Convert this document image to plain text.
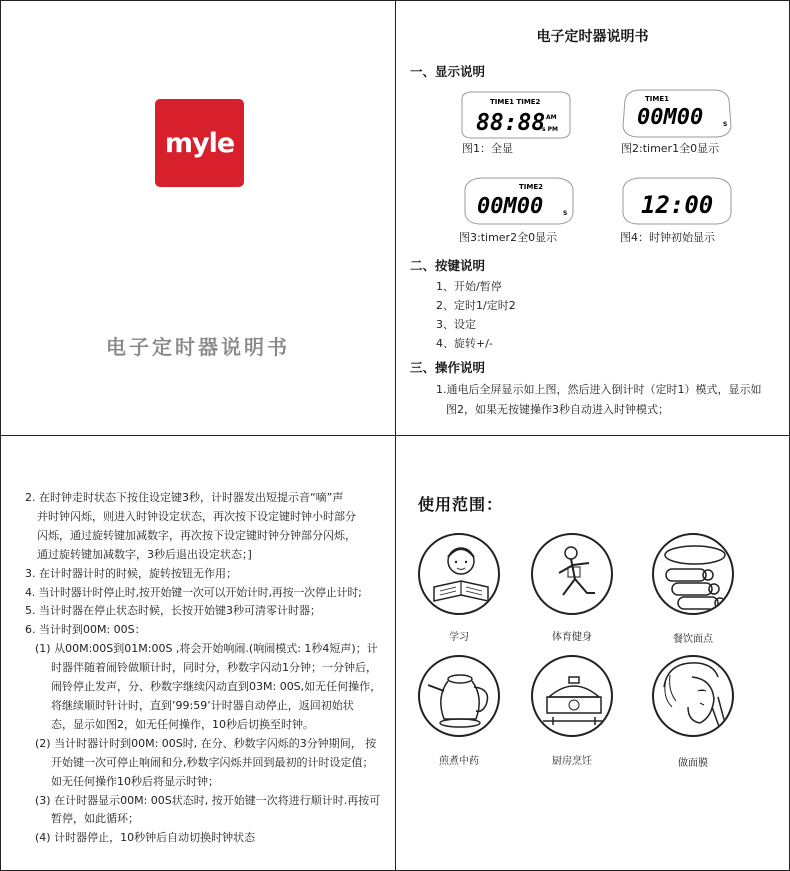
myle
电子定时器说明书
电子定时器说明书
一、显示说明
TIME1 TIME2
88:88 AM
s PM
图1：全显
TIME1
00M00	S
图2:timer1全0显示
TIME2
00M00	S
图3:timer2全0显示
12:00
图4：时钟初始显示
二、按键说明
1、开始/暂停
2、定时1/定时2
3、设定
4、旋转+/-
三、操作说明
1.通电后全屏显示如上图，然后进入倒计时（定时1）模式，显示如
图2，如果无按键操作3秒自动进入时钟模式；
2. 在时钟走时状态下按住设定键3秒，计时器发出短提示音“嘀”声
并时钟闪烁，则进入时钟设定状态，再次按下设定键时钟小时部分
闪烁，通过旋转键加减数字，再次按下设定键时钟分钟部分闪烁，
通过旋转键加减数字，3秒后退出设定状态；]
3. 在计时器计时的时候，旋转按钮无作用；
4. 当计时器计时停止时,按开始键一次可以开始计时,再按一次停止计时;
5. 当计时器在停止状态时候，长按开始键3秒可清零计时器；
6. 当计时到00M: 00S：
(1) 从00M:00S到01M:00S ,将会开始响闹.(响闹模式: 1秒4短声)；计
时器伴随着闹铃做顺计时，同时分，秒数字闪动1分钟；一分钟后，
闹铃停止发声，分、秒数字继续闪动直到03M: 00S,如无任何操作，
将继续顺时针计时，直到’99:59’计时器自动停止，返回初始状
态，显示如图2，如无任何操作，10秒后切换至时钟。
(2) 当计时器计时到00M: 00S时, 在分、秒数字闪烁的3分钟期间， 按
开始键一次可停止响闹和分,秒数字闪烁并回到最初的计时设定值；
如无任何操作10秒后将显示时钟；
(3) 在计时器显示00M: 00S状态时, 按开始键一次将进行顺计时.再按可
暂停，如此循环；
(4) 计时器停止，10秒钟后自动切换时钟状态
使用范围：
学习	体育健身	餐饮面点
煎煮中药	厨房烹饪	做面膜
